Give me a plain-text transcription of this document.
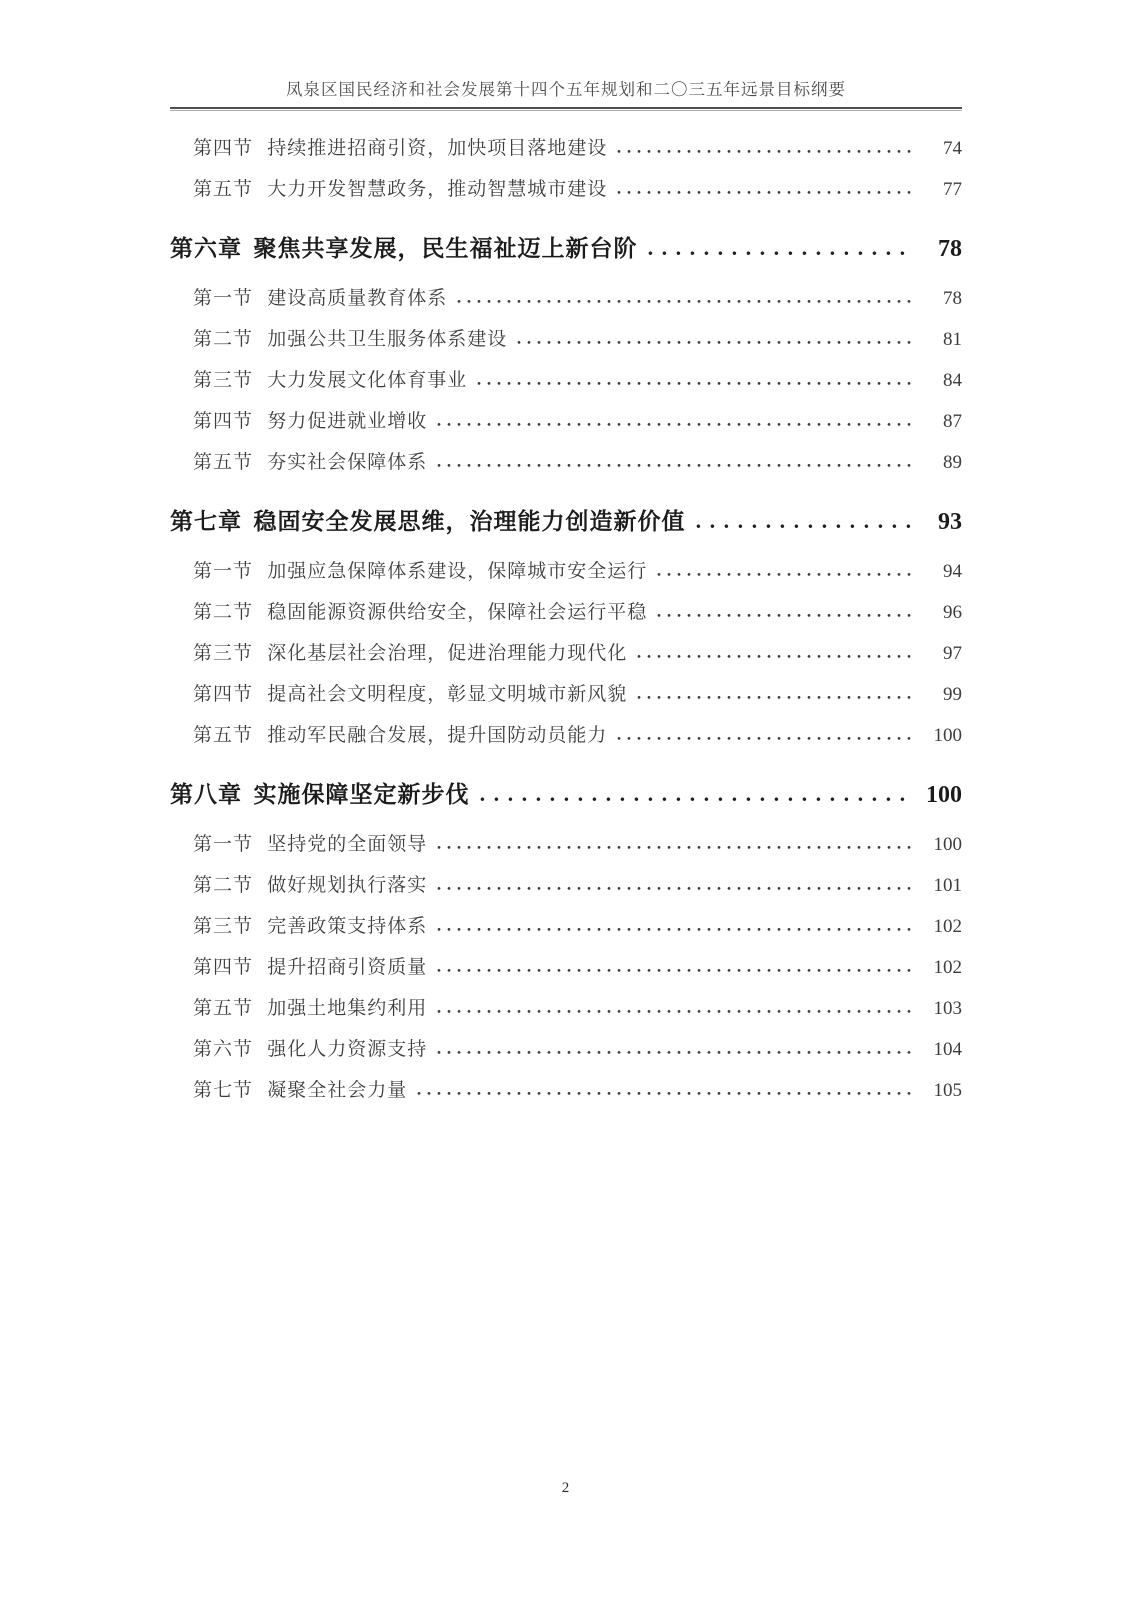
凤泉区国民经济和社会发展第十四个五年规划和二〇三五年远景目标纲要
第四节 持续推进招商引资，加快项目落地建设	74
第五节 大力开发智慧政务，推动智慧城市建设	77
第六章 聚焦共享发展，民生福祉迈上新台阶	78
第一节 建设高质量教育体系	78
第二节 加强公共卫生服务体系建设	81
第三节 大力发展文化体育事业	84
第四节 努力促进就业增收	87
第五节 夯实社会保障体系	89
第七章 稳固安全发展思维，治理能力创造新价值	93
第一节 加强应急保障体系建设，保障城市安全运行	94
第二节 稳固能源资源供给安全，保障社会运行平稳	96
第三节 深化基层社会治理，促进治理能力现代化	97
第四节 提高社会文明程度，彰显文明城市新风貌	99
第五节 推动军民融合发展，提升国防动员能力	100
第八章 实施保障坚定新步伐	100
第一节 坚持党的全面领导	100
第二节 做好规划执行落实	101
第三节 完善政策支持体系	102
第四节 提升招商引资质量	102
第五节 加强土地集约利用	103
第六节 强化人力资源支持	104
第七节 凝聚全社会力量	105
2
